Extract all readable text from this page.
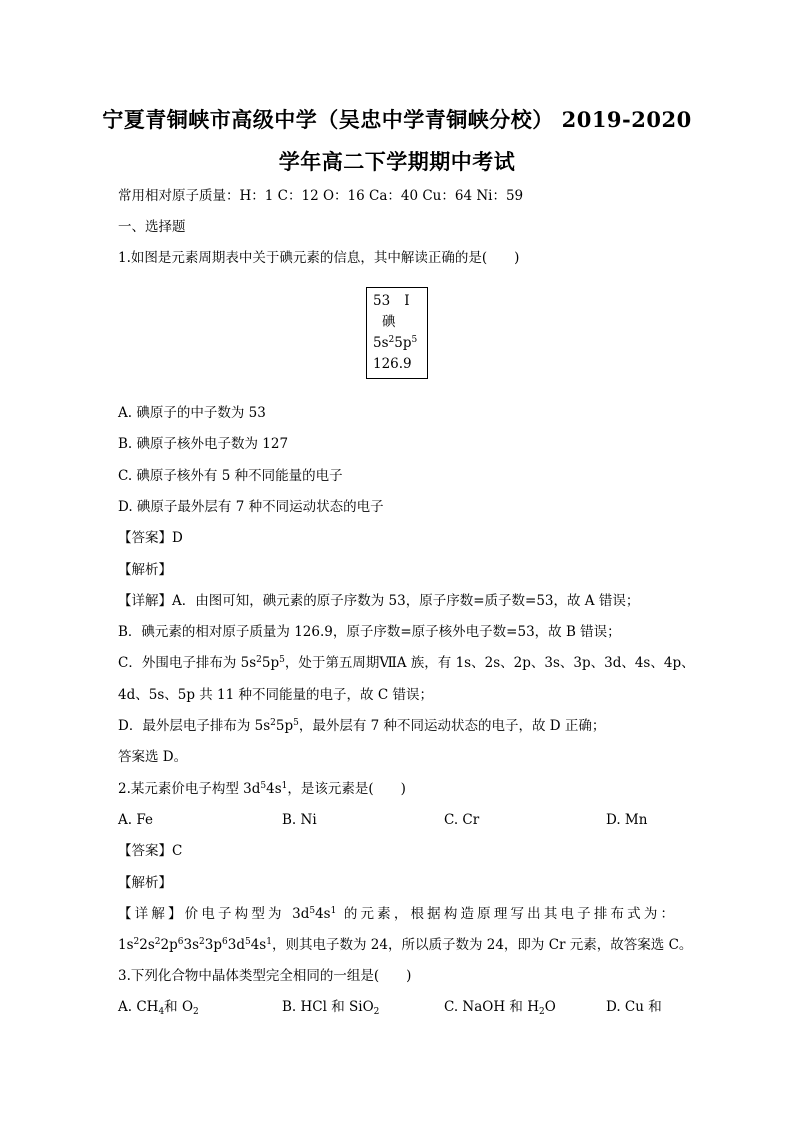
宁夏青铜峡市高级中学（吴忠中学青铜峡分校） 2019-2020
学年高二下学期期中考试
常用相对原子质量：H：1 C：12 O：16 Ca：40 Cu：64 Ni：59
一、选择题
1.如图是元素周期表中关于碘元素的信息，其中解读正确的是(　　)
53 I
碘
$5s^25p^5$
126.9
A. 碘原子的中子数为 53
B. 碘原子核外电子数为 127
C. 碘原子核外有 5 种不同能量的电子
D. 碘原子最外层有 7 种不同运动状态的电子
【答案】D
【解析】
【详解】A．由图可知，碘元素的原子序数为 53，原子序数=质子数=53，故 A 错误；
B．碘元素的相对原子质量为 126.9，原子序数=原子核外电子数=53，故 B 错误；
C．外围电子排布为 $5s^25p^5$，处于第五周期ⅦA 族，有 1s、2s、2p、3s、3p、3d、4s、4p、
4d、5s、5p 共 11 种不同能量的电子，故 C 错误；
D．最外层电子排布为 $5s^25p^5$，最外层有 7 种不同运动状态的电子，故 D 正确；
答案选 D。
2.某元素价电子构型 $3d^54s^1$，是该元素是(　　)
A. Fe	B. Ni	C. Cr	D. Mn
【答案】C
【解析】
【详解】价电子构型为 $3d^54s^1$ 的元素，根据构造原理写出其电子排布式为：
$1s^22s^22p^63s^23p^63d^54s^1$，则其电子数为 24，所以质子数为 24，即为 Cr 元素，故答案选 C。
3.下列化合物中晶体类型完全相同的一组是(　　)
A. $CH_4$和 $O_2$	B. HCl 和 SiO$_2$	C. NaOH 和 $H_2O$	D. Cu 和
